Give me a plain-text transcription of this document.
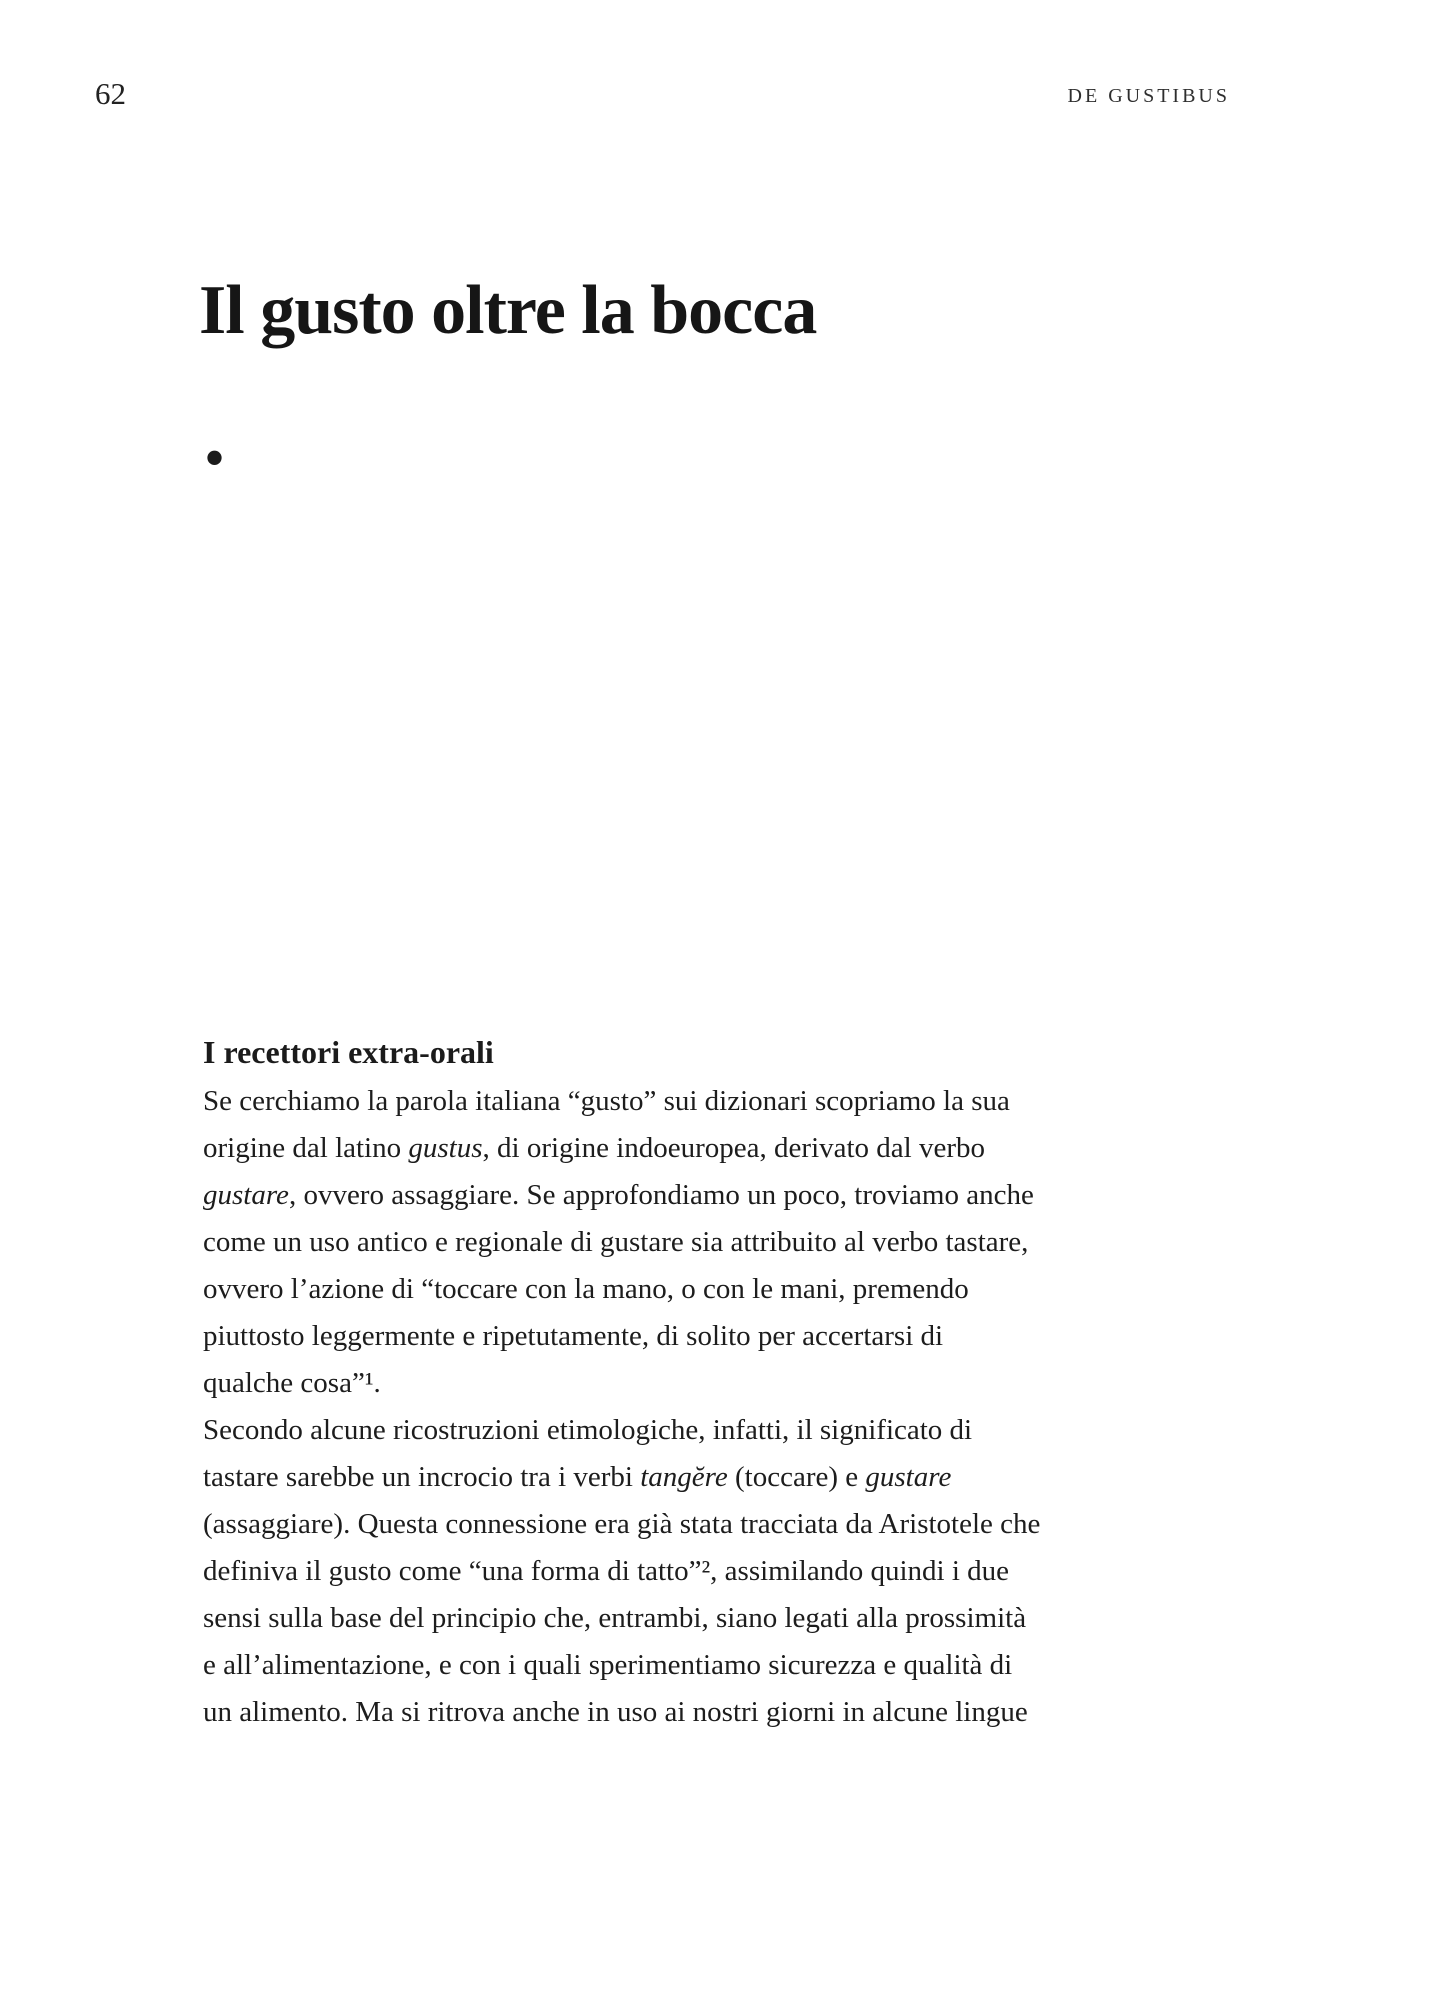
62	DE GUSTIBUS
Il gusto oltre la bocca
•
I recettori extra-orali
Se cerchiamo la parola italiana “gusto” sui dizionari scopriamo la sua
origine dal latino gustus, di origine indoeuropea, derivato dal verbo
gustare, ovvero assaggiare. Se approfondiamo un poco, troviamo anche
come un uso antico e regionale di gustare sia attribuito al verbo tastare,
ovvero l’azione di “toccare con la mano, o con le mani, premendo
piuttosto leggermente e ripetutamente, di solito per accertarsi di
qualche cosa”¹.
Secondo alcune ricostruzioni etimologiche, infatti, il significato di
tastare sarebbe un incrocio tra i verbi tangĕre (toccare) e gustare
(assaggiare). Questa connessione era già stata tracciata da Aristotele che
definiva il gusto come “una forma di tatto”², assimilando quindi i due
sensi sulla base del principio che, entrambi, siano legati alla prossimità
e all’alimentazione, e con i quali sperimentiamo sicurezza e qualità di
un alimento. Ma si ritrova anche in uso ai nostri giorni in alcune lingue
